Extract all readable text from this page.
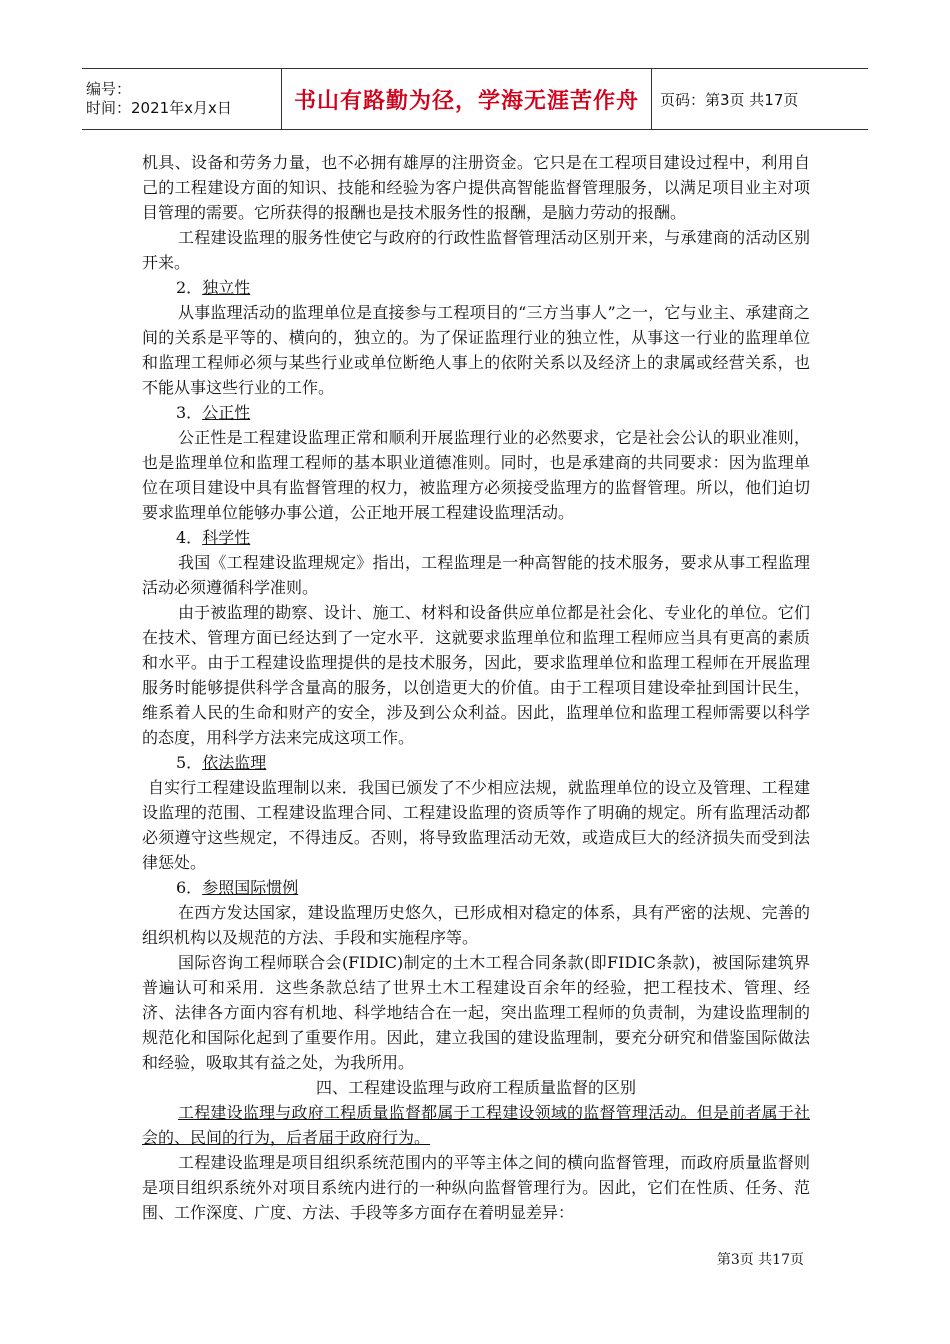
编号：
时间：2021年x月x日	书山有路勤为径，学海无涯苦作舟 页码：第3页 共17页

机具、设备和劳务力量，也不必拥有雄厚的注册资金。它只是在工程项目建设过程中，利用自己的工程建设方面的知识、技能和经验为客户提供高智能监督管理服务，以满足项目业主对项目管理的需要。它所获得的报酬也是技术服务性的报酬，是脑力劳动的报酬。

工程建设监理的服务性使它与政府的行政性监督管理活动区别开来，与承建商的活动区别开来。

2．独立性

从事监理活动的监理单位是直接参与工程项目的“三方当事人”之一，它与业主、承建商之间的关系是平等的、横向的，独立的。为了保证监理行业的独立性，从事这一行业的监理单位和监理工程师必须与某些行业或单位断绝人事上的依附关系以及经济上的隶属或经营关系，也不能从事这些行业的工作。

3．公正性

公正性是工程建设监理正常和顺利开展监理行业的必然要求，它是社会公认的职业准则，也是监理单位和监理工程师的基本职业道德准则。同时，也是承建商的共同要求：因为监理单位在项目建设中具有监督管理的权力，被监理方必须接受监理方的监督管理。所以，他们迫切要求监理单位能够办事公道，公正地开展工程建设监理活动。

4．科学性

我国《工程建设监理规定》指出，工程监理是一种高智能的技术服务，要求从事工程监理活动必须遵循科学准则。

由于被监理的勘察、设计、施工、材料和设备供应单位都是社会化、专业化的单位。它们在技术、管理方面已经达到了一定水平．这就要求监理单位和监理工程师应当具有更高的素质和水平。由于工程建设监理提供的是技术服务，因此，要求监理单位和监理工程师在开展监理服务时能够提供科学含量高的服务，以创造更大的价值。由于工程项目建设牵扯到国计民生，维系着人民的生命和财产的安全，涉及到公众利益。因此，监理单位和监理工程师需要以科学的态度，用科学方法来完成这项工作。

5．依法监理

自实行工程建设监理制以来．我国已颁发了不少相应法规，就监理单位的设立及管理、工程建设监理的范围、工程建设监理合同、工程建设监理的资质等作了明确的规定。所有监理活动都必须遵守这些规定，不得违反。否则，将导致监理活动无效，或造成巨大的经济损失而受到法律惩处。

6．参照国际惯例

在西方发达国家，建设监理历史悠久，已形成相对稳定的体系，具有严密的法规、完善的组织机构以及规范的方法、手段和实施程序等。

国际咨询工程师联合会(FIDIC)制定的土木工程合同条款(即FIDIC条款)，被国际建筑界普遍认可和采用．这些条款总结了世界土木工程建设百余年的经验，把工程技术、管理、经济、法律各方面内容有机地、科学地结合在一起，突出监理工程师的负责制，为建设监理制的规范化和国际化起到了重要作用。因此，建立我国的建设监理制，要充分研究和借鉴国际做法和经验，吸取其有益之处，为我所用。

四、工程建设监理与政府工程质量监督的区别

工程建设监理与政府工程质量监督都属于工程建设领域的监督管理活动。但是前者属于社会的、民间的行为，后者届于政府行为。

工程建设监理是项目组织系统范围内的平等主体之间的横向监督管理，而政府质量监督则是项目组织系统外对项目系统内进行的一种纵向监督管理行为。因此，它们在性质、任务、范围、工作深度、广度、方法、手段等多方面存在着明显差异：

第3页 共17页
